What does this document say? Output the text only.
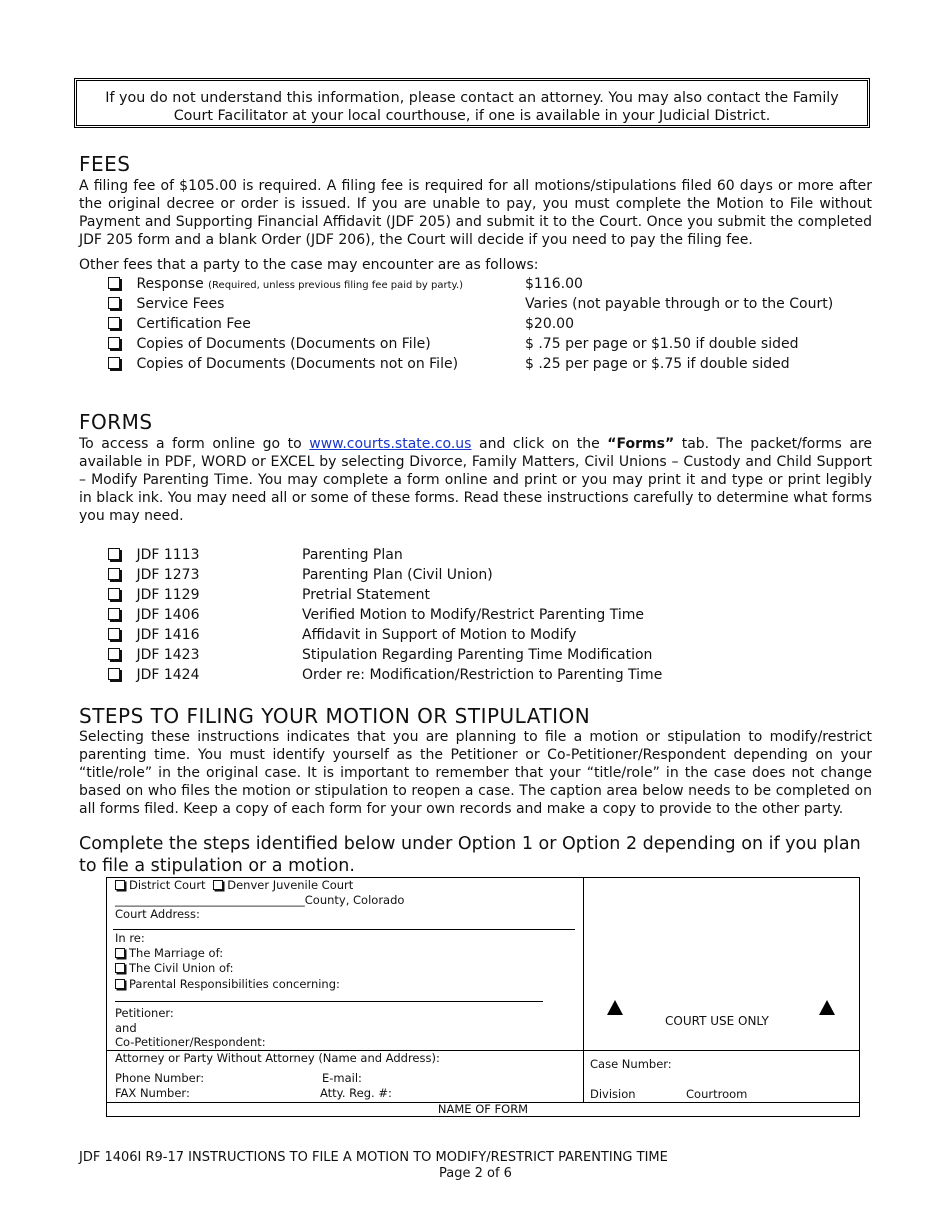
If you do not understand this information, please contact an attorney. You may also contact the Family
Court Facilitator at your local courthouse, if one is available in your Judicial District.
FEES
A filing fee of $105.00 is required. A filing fee is required for all motions/stipulations filed 60 days or more after the original decree or order is issued. If you are unable to pay, you must complete the Motion to File without Payment and Supporting Financial Affidavit (JDF 205) and submit it to the Court. Once you submit the completed JDF 205 form and a blank Order (JDF 206), the Court will decide if you need to pay the filing fee.
Other fees that a party to the case may encounter are as follows:
Response (Required, unless previous filing fee paid by party.)	$116.00
Service Fees	Varies (not payable through or to the Court)
Certification Fee	$20.00
Copies of Documents (Documents on File)	$ .75 per page or $1.50 if double sided
Copies of Documents (Documents not on File)	$ .25 per page or $.75 if double sided
FORMS
To access a form online go to www.courts.state.co.us and click on the “Forms” tab. The packet/forms are available in PDF, WORD or EXCEL by selecting Divorce, Family Matters, Civil Unions – Custody and Child Support – Modify Parenting Time. You may complete a form online and print or you may print it and type or print legibly in black ink. You may need all or some of these forms. Read these instructions carefully to determine what forms you may need.
JDF 1113	Parenting Plan
JDF 1273	Parenting Plan (Civil Union)
JDF 1129	Pretrial Statement
JDF 1406	Verified Motion to Modify/Restrict Parenting Time
JDF 1416	Affidavit in Support of Motion to Modify
JDF 1423	Stipulation Regarding Parenting Time Modification
JDF 1424	Order re: Modification/Restriction to Parenting Time
STEPS TO FILING YOUR MOTION OR STIPULATION
Selecting these instructions indicates that you are planning to file a motion or stipulation to modify/restrict parenting time. You must identify yourself as the Petitioner or Co-Petitioner/Respondent depending on your “title/role” in the original case. It is important to remember that your “title/role” in the case does not change based on who files the motion or stipulation to reopen a case. The caption area below needs to be completed on all forms filed. Keep a copy of each form for your own records and make a copy to provide to the other party.
Complete the steps identified below under Option 1 or Option 2 depending on if you plan to file a stipulation or a motion.
District Court Denver Juvenile Court
_________________________________County, Colorado
Court Address:
In re:
The Marriage of:
The Civil Union of:
Parental Responsibilities concerning:
Petitioner:
and
Co-Petitioner/Respondent:
COURT USE ONLY
Attorney or Party Without Attorney (Name and Address):
Phone Number:	E-mail:
FAX Number:	Atty. Reg. #:
Case Number:
Division	Courtroom
NAME OF FORM
JDF 1406I R9-17 INSTRUCTIONS TO FILE A MOTION TO MODIFY/RESTRICT PARENTING TIME
Page 2 of 6
